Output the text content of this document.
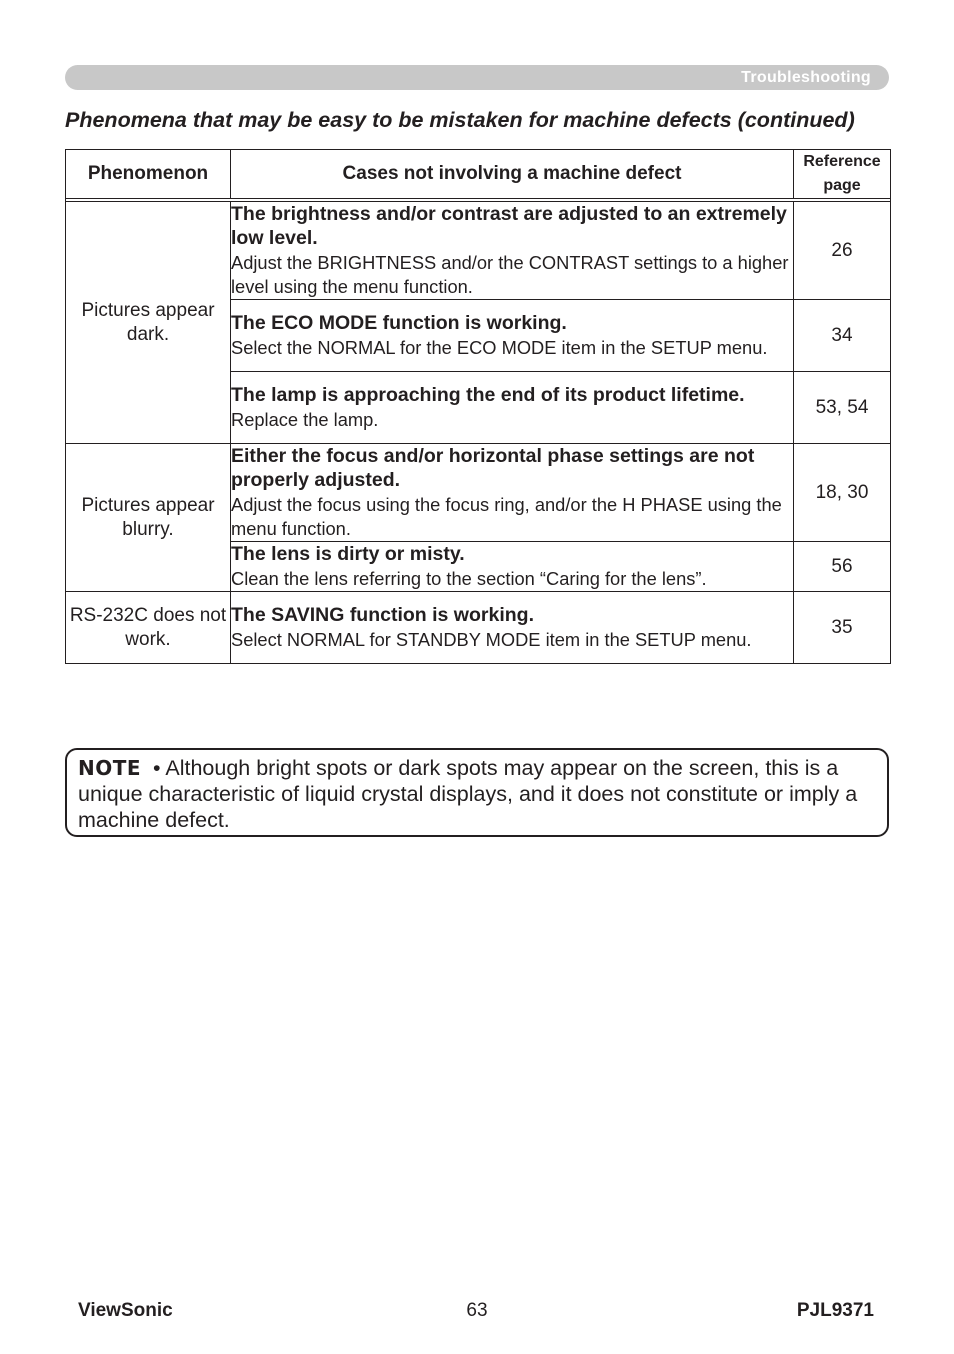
Troubleshooting
Phenomena that may be easy to be mistaken for machine defects (continued)
Phenomenon	Cases not involving a machine defect	Reference
page

Pictures appear dark.	The brightness and/or contrast are adjusted to an extremely low level.
Adjust the BRIGHTNESS and/or the CONTRAST settings to a higher level using the menu function.	26

	The ECO MODE function is working.
Select the NORMAL for the ECO MODE item in the SETUP menu.	34

	The lamp is approaching the end of its product lifetime.
Replace the lamp.	53, 54
Pictures appear blurry.	Either the focus and/or horizontal phase settings are not properly adjusted.
Adjust the focus using the focus ring, and/or the H PHASE using the menu function.	18, 30

	The lens is dirty or misty.
Clean the lens referring to the section “Caring for the lens”.	56
RS-232C does not work.	The SAVING function is working.
Select NORMAL for STANDBY MODE item in the SETUP menu.	35
NOTE • Although bright spots or dark spots may appear on the screen, this is a unique characteristic of liquid crystal displays, and it does not constitute or imply a machine defect.
ViewSonic	63	PJL9371
